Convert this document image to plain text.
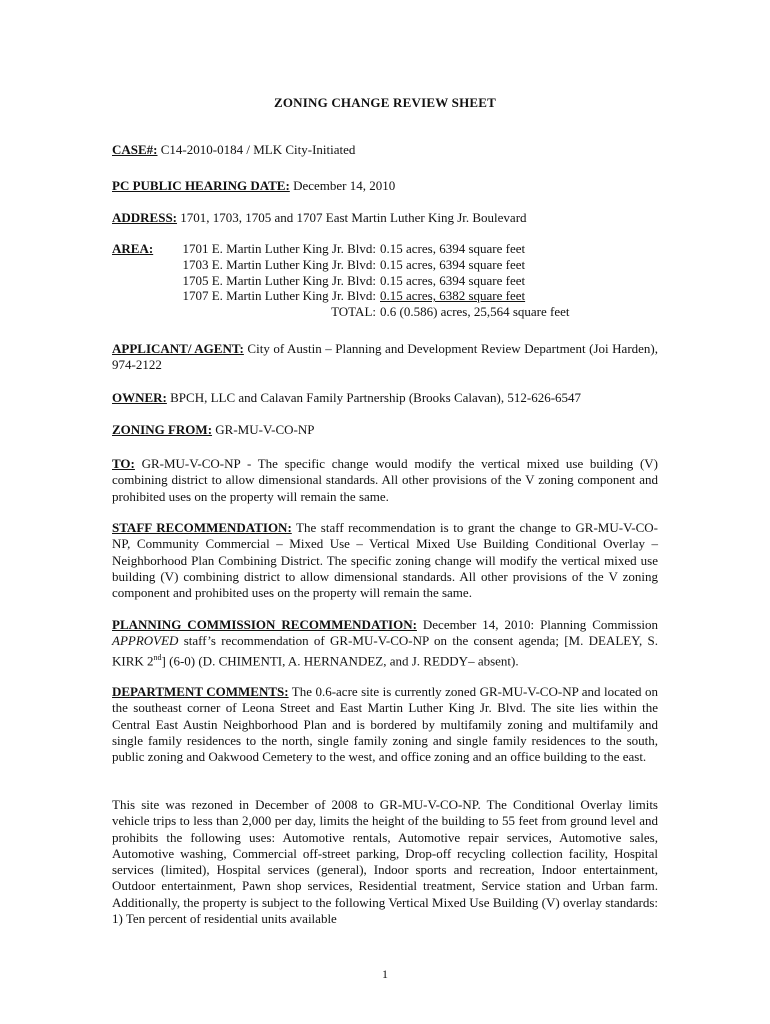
ZONING CHANGE REVIEW SHEET
CASE#: C14-2010-0184 / MLK City-Initiated
PC PUBLIC HEARING DATE: December 14, 2010
ADDRESS: 1701, 1703, 1705 and 1707 East Martin Luther King Jr. Boulevard
AREA:	1701 E. Martin Luther King Jr. Blvd:	0.15 acres, 6394 square feet
	1703 E. Martin Luther King Jr. Blvd:	0.15 acres, 6394 square feet
	1705 E. Martin Luther King Jr. Blvd:	0.15 acres, 6394 square feet
	1707 E. Martin Luther King Jr. Blvd:	0.15 acres, 6382 square feet
	TOTAL:	0.6 (0.586) acres, 25,564 square feet
APPLICANT/ AGENT: City of Austin – Planning and Development Review Department (Joi Harden), 974-2122
OWNER: BPCH, LLC and Calavan Family Partnership (Brooks Calavan), 512-626-6547
ZONING FROM: GR-MU-V-CO-NP
TO: GR-MU-V-CO-NP - The specific change would modify the vertical mixed use building (V) combining district to allow dimensional standards. All other provisions of the V zoning component and prohibited uses on the property will remain the same.
STAFF RECOMMENDATION: The staff recommendation is to grant the change to GR-MU-V-CO-NP, Community Commercial – Mixed Use – Vertical Mixed Use Building Conditional Overlay – Neighborhood Plan Combining District. The specific zoning change will modify the vertical mixed use building (V) combining district to allow dimensional standards. All other provisions of the V zoning component and prohibited uses on the property will remain the same.
PLANNING COMMISSION RECOMMENDATION: December 14, 2010: Planning Commission APPROVED staff’s recommendation of GR-MU-V-CO-NP on the consent agenda; [M. DEALEY, S. KIRK 2nd] (6-0) (D. CHIMENTI, A. HERNANDEZ, and J. REDDY– absent).
DEPARTMENT COMMENTS: The 0.6-acre site is currently zoned GR-MU-V-CO-NP and located on the southeast corner of Leona Street and East Martin Luther King Jr. Blvd. The site lies within the Central East Austin Neighborhood Plan and is bordered by multifamily zoning and multifamily and single family residences to the north, single family zoning and single family residences to the south, public zoning and Oakwood Cemetery to the west, and office zoning and an office building to the east.
This site was rezoned in December of 2008 to GR-MU-V-CO-NP. The Conditional Overlay limits vehicle trips to less than 2,000 per day, limits the height of the building to 55 feet from ground level and prohibits the following uses: Automotive rentals, Automotive repair services, Automotive sales, Automotive washing, Commercial off-street parking, Drop-off recycling collection facility, Hospital services (limited), Hospital services (general), Indoor sports and recreation, Indoor entertainment, Outdoor entertainment, Pawn shop services, Residential treatment, Service station and Urban farm. Additionally, the property is subject to the following Vertical Mixed Use Building (V) overlay standards: 1) Ten percent of residential units available
1
